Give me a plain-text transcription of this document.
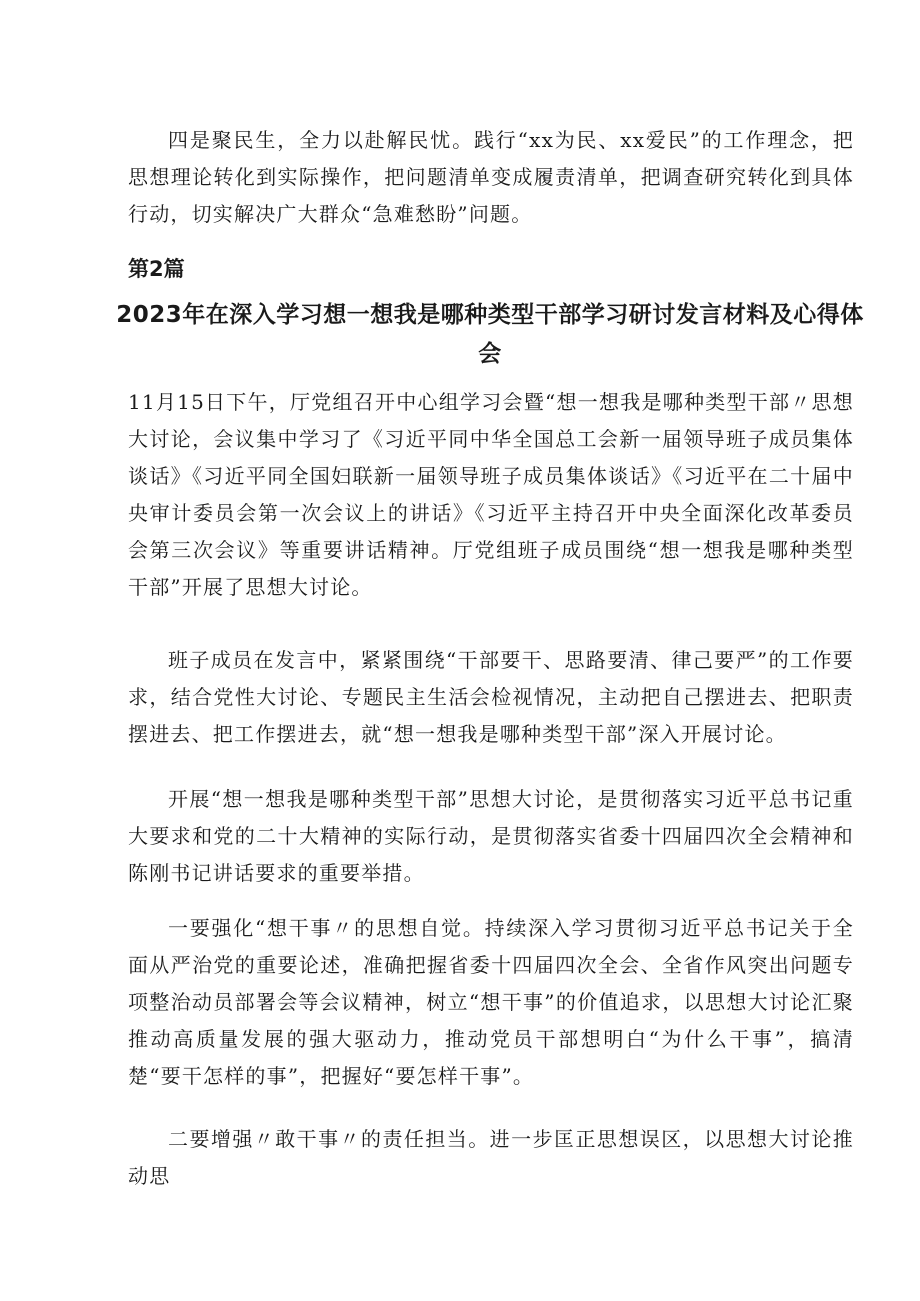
四是聚民生，全力以赴解民忧。践行“xx为民、xx爱民”的工作理念，把思想理论转化到实际操作，把问题清单变成履责清单，把调查研究转化到具体行动，切实解决广大群众“急难愁盼”问题。

第2篇
2023年在深入学习想一想我是哪种类型干部学习研讨发言材料及心得体会

11月15日下午，厅党组召开中心组学习会暨“想一想我是哪种类型干部〃思想大讨论，会议集中学习了《习近平同中华全国总工会新一届领导班子成员集体谈话》《习近平同全国妇联新一届领导班子成员集体谈话》《习近平在二十届中央审计委员会第一次会议上的讲话》《习近平主持召开中央全面深化改革委员会第三次会议》等重要讲话精神。厅党组班子成员围绕“想一想我是哪种类型干部”开展了思想大讨论。

班子成员在发言中，紧紧围绕“干部要干、思路要清、律己要严”的工作要求，结合党性大讨论、专题民主生活会检视情况，主动把自己摆进去、把职责摆进去、把工作摆进去，就“想一想我是哪种类型干部”深入开展讨论。

开展“想一想我是哪种类型干部”思想大讨论，是贯彻落实习近平总书记重大要求和党的二十大精神的实际行动，是贯彻落实省委十四届四次全会精神和陈刚书记讲话要求的重要举措。

一要强化“想干事〃的思想自觉。持续深入学习贯彻习近平总书记关于全面从严治党的重要论述，准确把握省委十四届四次全会、全省作风突出问题专项整治动员部署会等会议精神，树立“想干事”的价值追求，以思想大讨论汇聚推动高质量发展的强大驱动力，推动党员干部想明白“为什么干事”，搞清楚“要干怎样的事”，把握好“要怎样干事”。

二要增强〃敢干事〃的责任担当。进一步匡正思想误区，以思想大讨论推动思
